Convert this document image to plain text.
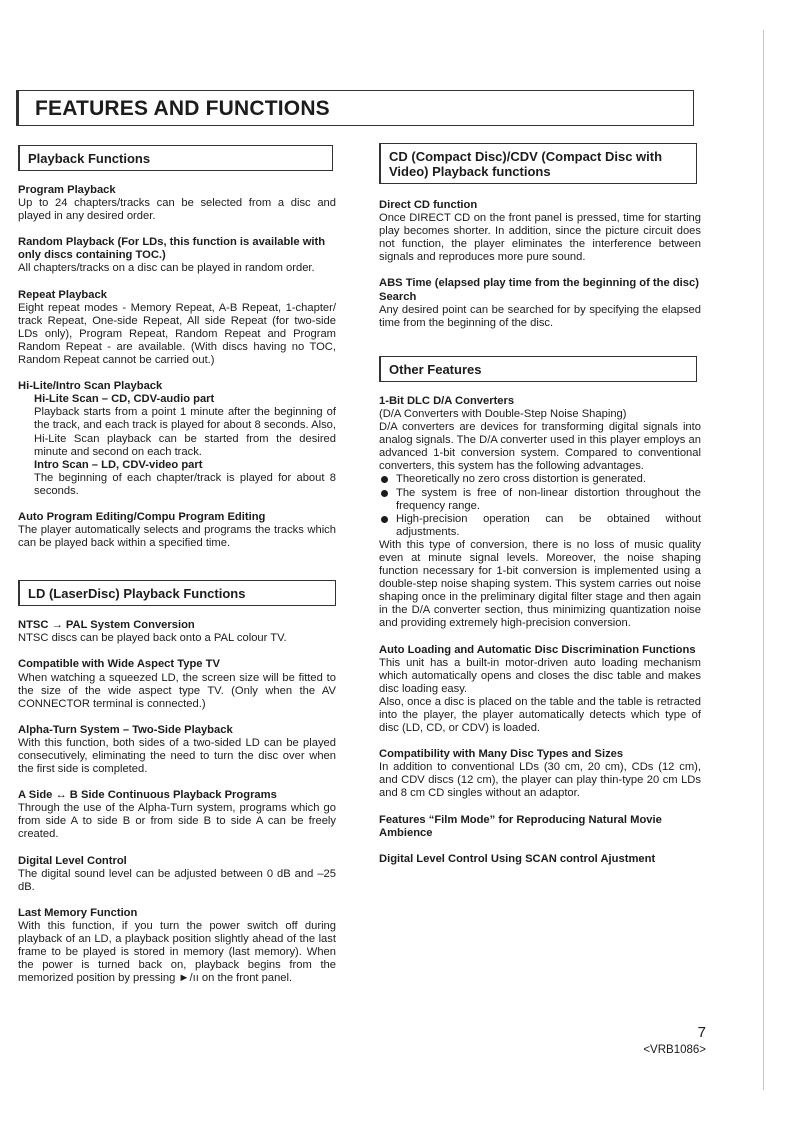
FEATURES AND FUNCTIONS
Playback Functions

Program Playback

Up to 24 chapters/tracks can be selected from a disc and played in any desired order.

Random Playback (For LDs, this function is available with only discs containing TOC.)

All chapters/tracks on a disc can be played in random order.

Repeat Playback

Eight repeat modes - Memory Repeat, A-B Repeat, 1-chapter/ track Repeat, One-side Repeat, All side Repeat (for two-side LDs only), Program Repeat, Random Repeat and Program Random Repeat - are available. (With discs having no TOC, Random Repeat cannot be carried out.)

Hi-Lite/Intro Scan Playback

Hi-Lite Scan – CD, CDV-audio part

Playback starts from a point 1 minute after the beginning of the track, and each track is played for about 8 seconds. Also, Hi-Lite Scan playback can be started from the desired minute and second on each track.

Intro Scan – LD, CDV-video part

The beginning of each chapter/track is played for about 8 seconds.

Auto Program Editing/Compu Program Editing

The player automatically selects and programs the tracks which can be played back within a specified time.

LD (LaserDisc) Playback Functions

NTSC → PAL System Conversion

NTSC discs can be played back onto a PAL colour TV.

Compatible with Wide Aspect Type TV

When watching a squeezed LD, the screen size will be fitted to the size of the wide aspect type TV. (Only when the AV CONNECTOR terminal is connected.)

Alpha-Turn System – Two-Side Playback

With this function, both sides of a two-sided LD can be played consecutively, eliminating the need to turn the disc over when the first side is completed.

A Side ↔ B Side Continuous Playback Programs

Through the use of the Alpha-Turn system, programs which go from side A to side B or from side B to side A can be freely created.

Digital Level Control

The digital sound level can be adjusted between 0 dB and –25 dB.

Last Memory Function

With this function, if you turn the power switch off during playback of an LD, a playback position slightly ahead of the last frame to be played is stored in memory (last memory). When the power is turned back on, playback begins from the memorized position by pressing ►/ıı on the front panel.

CD (Compact Disc)/CDV (Compact Disc with Video) Playback functions

Direct CD function

Once DIRECT CD on the front panel is pressed, time for starting play becomes shorter. In addition, since the picture circuit does not function, the player eliminates the interference between signals and reproduces more pure sound.

ABS Time (elapsed play time from the beginning of the disc) Search

Any desired point can be searched for by specifying the elapsed time from the beginning of the disc.

Other Features

1-Bit DLC D/A Converters

(D/A Converters with Double-Step Noise Shaping)

D/A converters are devices for transforming digital signals into analog signals. The D/A converter used in this player employs an advanced 1-bit conversion system. Compared to conventional converters, this system has the following advantages.

Theoretically no zero cross distortion is generated.
The system is free of non-linear distortion throughout the frequency range.
High-precision operation can be obtained without adjustments.

With this type of conversion, there is no loss of music quality even at minute signal levels. Moreover, the noise shaping function necessary for 1-bit conversion is implemented using a double-step noise shaping system. This system carries out noise shaping once in the preliminary digital filter stage and then again in the D/A converter section, thus minimizing quantization noise and providing extremely high-precision conversion.

Auto Loading and Automatic Disc Discrimination Functions

This unit has a built-in motor-driven auto loading mechanism which automatically opens and closes the disc table and makes disc loading easy.

Also, once a disc is placed on the table and the table is retracted into the player, the player automatically detects which type of disc (LD, CD, or CDV) is loaded.

Compatibility with Many Disc Types and Sizes

In addition to conventional LDs (30 cm, 20 cm), CDs (12 cm), and CDV discs (12 cm), the player can play thin-type 20 cm LDs and 8 cm CD singles without an adaptor.

Features “Film Mode” for Reproducing Natural Movie Ambience

Digital Level Control Using SCAN control Ajustment

7
<VRB1086>
